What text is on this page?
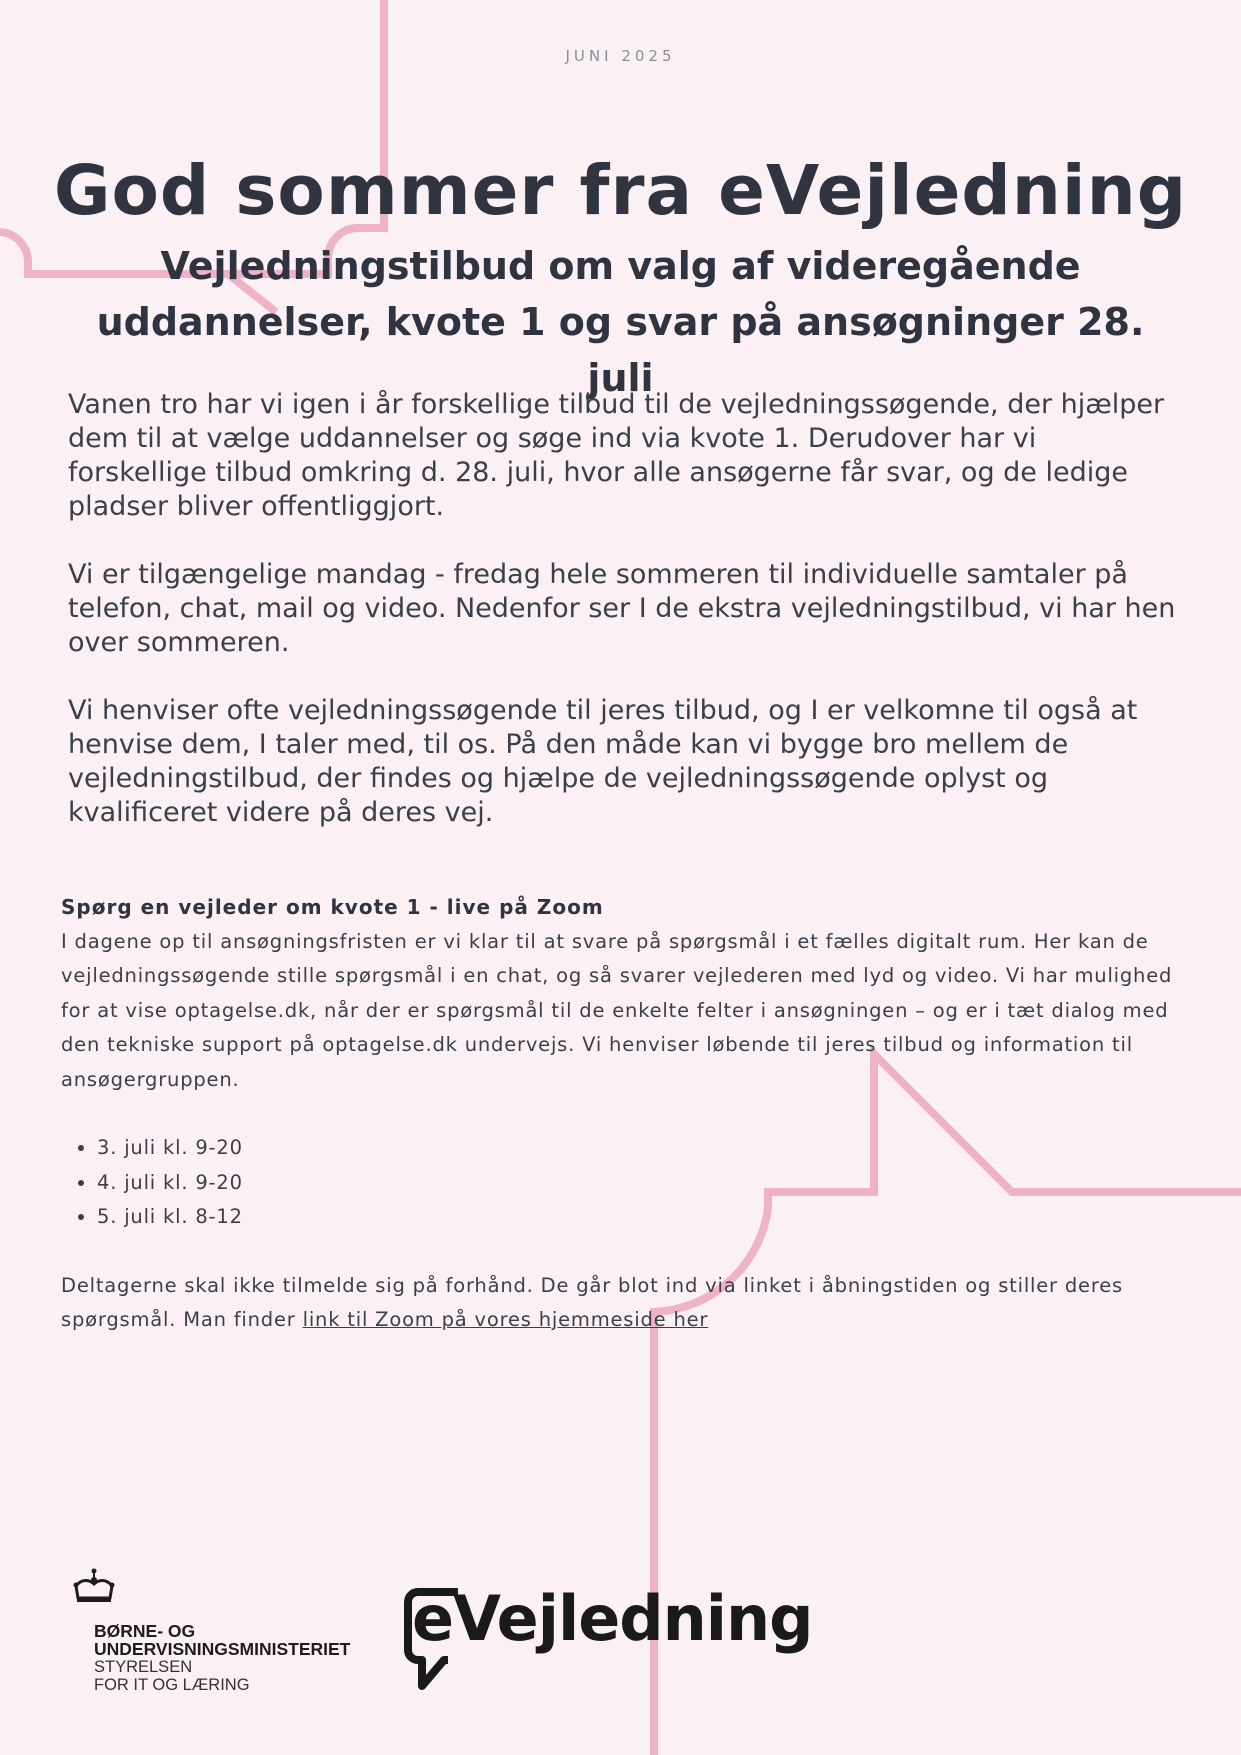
JUNI 2025
God sommer fra eVejledning
Vejledningstilbud om valg af videregående uddannelser, kvote 1 og svar på ansøgninger 28. juli

Vanen tro har vi igen i år forskellige tilbud til de vejledningssøgende, der hjælper dem til at vælge uddannelser og søge ind via kvote 1. Derudover har vi forskellige tilbud omkring d. 28. juli, hvor alle ansøgerne får svar, og de ledige pladser bliver offentliggjort.

Vi er tilgængelige mandag - fredag hele sommeren til individuelle samtaler på telefon, chat, mail og video. Nedenfor ser I de ekstra vejledningstilbud, vi har hen over sommeren.

Vi henviser ofte vejledningssøgende til jeres tilbud, og I er velkomne til også at henvise dem, I taler med, til os. På den måde kan vi bygge bro mellem de vejledningstilbud, der findes og hjælpe de vejledningssøgende oplyst og kvalificeret videre på deres vej.

Spørg en vejleder om kvote 1 - live på Zoom

I dagene op til ansøgningsfristen er vi klar til at svare på spørgsmål i et fælles digitalt rum. Her kan de vejledningssøgende stille spørgsmål i en chat, og så svarer vejlederen med lyd og video. Vi har mulighed for at vise optagelse.dk, når der er spørgsmål til de enkelte felter i ansøgningen – og er i tæt dialog med den tekniske support på optagelse.dk undervejs. Vi henviser løbende til jeres tilbud og information til ansøgergruppen.

• 3. juli kl. 9-20
• 4. juli kl. 9-20
• 5. juli kl. 8-12

Deltagerne skal ikke tilmelde sig på forhånd. De går blot ind via linket i åbningstiden og stiller deres spørgsmål. Man finder link til Zoom på vores hjemmeside her

BØRNE- OG
UNDERVISNINGSMINISTERIET
STYRELSEN
FOR IT OG LÆRING
eVejledning
